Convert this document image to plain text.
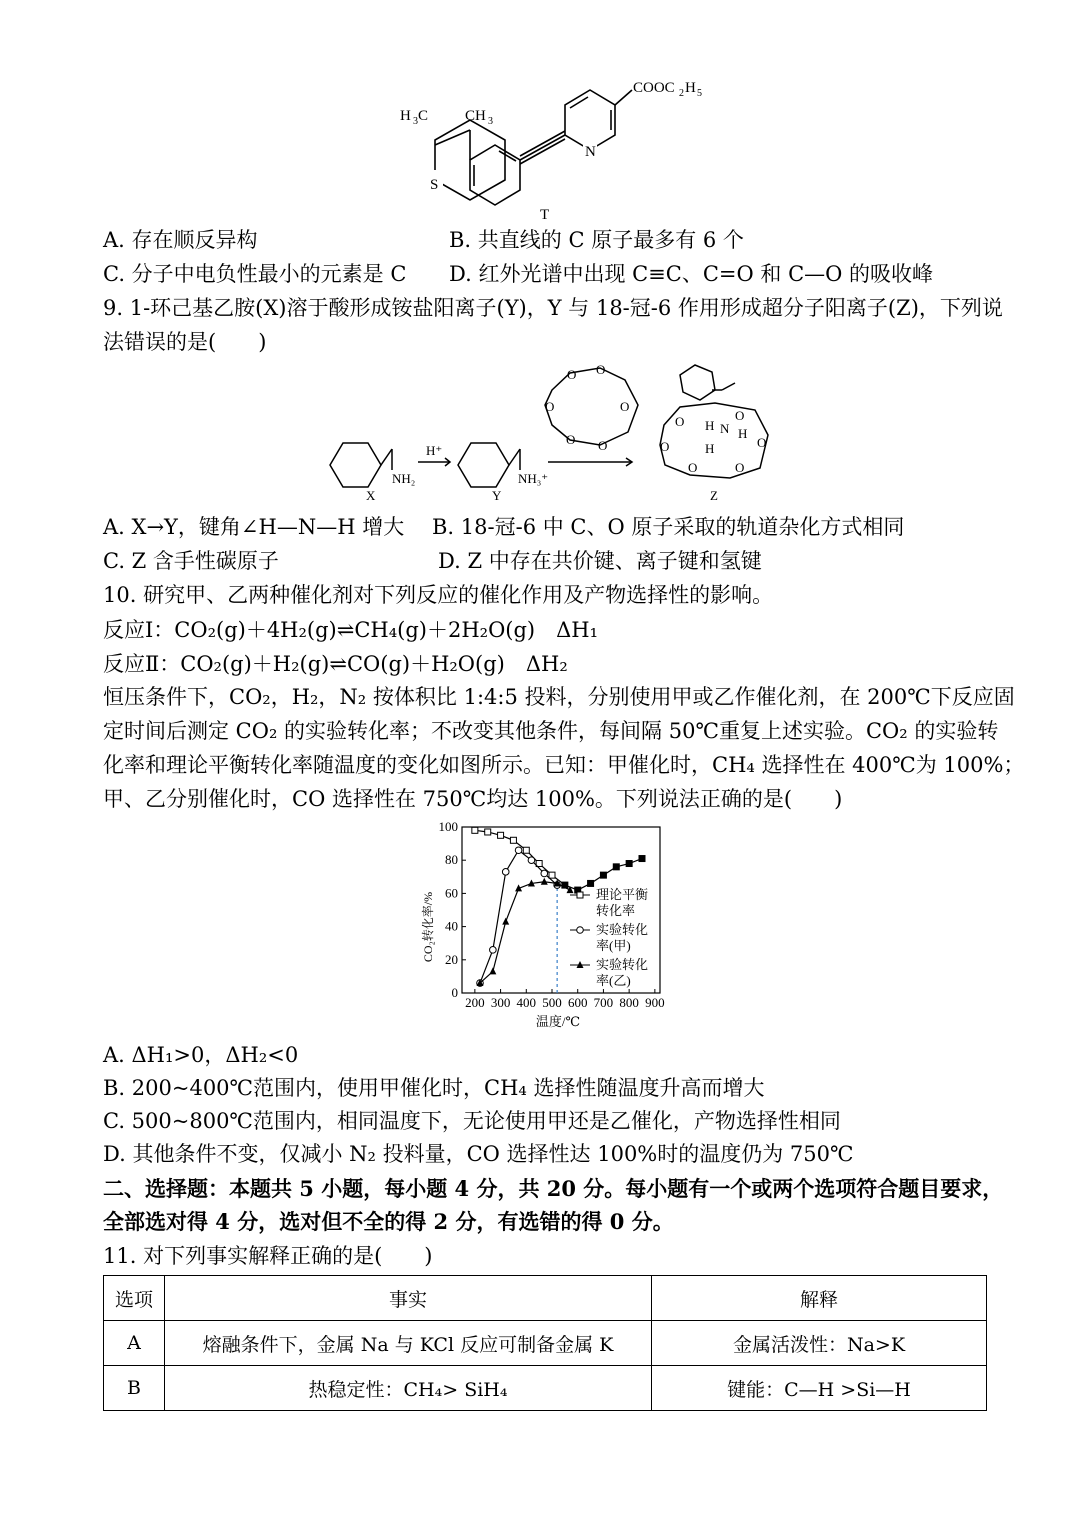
H 3 C CH 3
S
N
COOC 2 H 5
T
A. 存在顺反异构	B. 共直线的 C 原子最多有 6 个
C. 分子中电负性最小的元素是 C D. 红外光谱中出现 C≡C、C=O 和 C—O 的吸收峰
9. 1-环己基乙胺(X)溶于酸形成铵盐阳离子(Y)，Y 与 18-冠-6 作用形成超分子阳离子(Z)，下列说
法错误的是(　　)
NH₂	NH₃⁺
H⁺
X	Y	Z
O O
O
O
O
O
O
O
O
O
O	O
N
H
H
H
A. X→Y，键角∠H—N—H 增大 B. 18-冠-6 中 C、O 原子采取的轨道杂化方式相同
C. Z 含手性碳原子	D. Z 中存在共价键、离子键和氢键
10. 研究甲、乙两种催化剂对下列反应的催化作用及产物选择性的影响。
反应Ⅰ：CO₂(g)＋4H₂(g)⇌CH₄(g)＋2H₂O(g)　ΔH₁
反应Ⅱ：CO₂(g)＋H₂(g)⇌CO(g)＋H₂O(g)　ΔH₂
恒压条件下，CO₂，H₂，N₂ 按体积比 1:4:5 投料，分别使用甲或乙作催化剂，在 200℃下反应固
定时间后测定 CO₂ 的实验转化率；不改变其他条件，每间隔 50℃重复上述实验。CO₂ 的实验转
化率和理论平衡转化率随温度的变化如图所示。已知：甲催化时，CH₄ 选择性在 400℃为 100%；
甲、乙分别催化时，CO 选择性在 750℃均达 100%。下列说法正确的是(　　)
200 300 400 500 600 700 800 900
0
20
40
60
80
100
理论平衡
转化率
实验转化
率(甲)
实验转化
率(乙)
CO₂转化率/%
温度/℃
A. ΔH₁>0，ΔH₂<0
B. 200~400℃范围内，使用甲催化时，CH₄ 选择性随温度升高而增大
C. 500~800℃范围内，相同温度下，无论使用甲还是乙催化，产物选择性相同
D. 其他条件不变，仅减小 N₂ 投料量，CO 选择性达 100%时的温度仍为 750℃
二、选择题：本题共 5 小题，每小题 4 分，共 20 分。每小题有一个或两个选项符合题目要求，
全部选对得 4 分，选对但不全的得 2 分，有选错的得 0 分。
11. 对下列事实解释正确的是(　　)
选项	事实	解释
A	熔融条件下，金属 Na 与 KCl 反应可制备金属 K	金属活泼性：Na>K
B	热稳定性：CH₄> SiH₄	键能：C—H >Si—H
